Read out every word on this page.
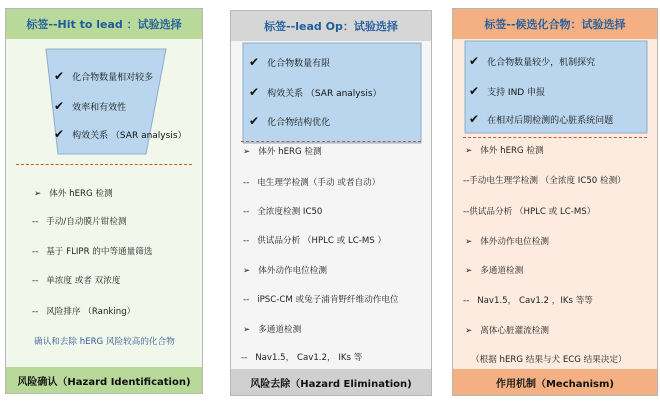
标签--Hit to lead ：试验选择
✔ 化合物数量相对较多
✔ 效率和有效性
✔ 构效关系 （SAR analysis）
➢ 体外 hERG 检测
-- 手动/自动膜片钳检测
-- 基于 FLIPR 的中等通量筛选
-- 单浓度 或者 双浓度
-- 风险排序 （Ranking）
确认和去除 hERG 风险较高的化合物
风险确认（Hazard Identification)
标签--lead Op：试验选择
✔ 化合物数量有限
✔ 构效关系 （SAR analysis）
✔ 化合物结构优化
➢ 体外 hERG 检测
-- 电生理学检测（手动 或者自动）
-- 全浓度检测 IC50
-- 供试品分析 （HPLC 或 LC-MS ）
➢ 体外动作电位检测
-- iPSC-CM 或兔子浦肯野纤维动作电位
➢ 多通道检测
-- Nav1.5， Cav1.2， IKs 等
风险去除（Hazard Elimination)
标签--候选化合物：试验选择
✔ 化合物数量较少，机制探究
✔ 支持 IND 申报
✔ 在相对后期检测的心脏系统问题
➢ 体外 hERG 检测
--手动电生理学检测 （全浓度 IC50 检测）
--供试品分析 （HPLC 或 LC-MS）
➢ 体外动作电位检测
➢ 多通道检测
-- Nav1.5， Cav1.2 ，IKs 等等
➢ 离体心脏灌流检测
（根据 hERG 结果与犬 ECG 结果决定）
作用机制（Mechanism)
